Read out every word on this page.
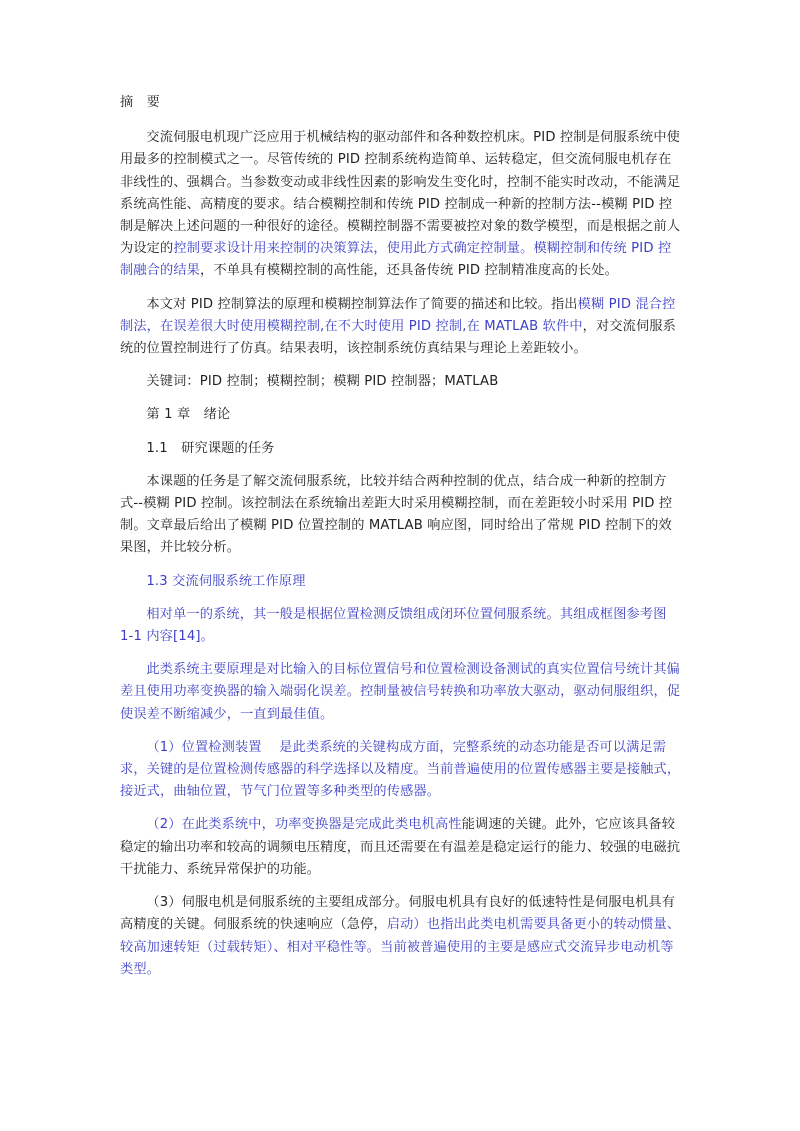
摘　要

交流伺服电机现广泛应用于机械结构的驱动部件和各种数控机床。PID 控制是伺服系统中使用最多的控制模式之一。尽管传统的 PID 控制系统构造简单、运转稳定，但交流伺服电机存在非线性的、强耦合。当参数变动或非线性因素的影响发生变化时，控制不能实时改动，不能满足系统高性能、高精度的要求。结合模糊控制和传统 PID 控制成一种新的控制方法--模糊 PID 控制是解决上述问题的一种很好的途径。模糊控制器不需要被控对象的数学模型，而是根据之前人为设定的控制要求设计用来控制的决策算法，使用此方式确定控制量。模糊控制和传统 PID 控制融合的结果，不单具有模糊控制的高性能，还具备传统 PID 控制精准度高的长处。

本文对 PID 控制算法的原理和模糊控制算法作了简要的描述和比较。指出模糊 PID 混合控制法，在误差很大时使用模糊控制,在不大时使用 PID 控制,在 MATLAB 软件中，对交流伺服系统的位置控制进行了仿真。结果表明，该控制系统仿真结果与理论上差距较小。

关键词：PID 控制；模糊控制；模糊 PID 控制器；MATLAB

第 1 章　绪论

1.1　研究课题的任务

本课题的任务是了解交流伺服系统，比较并结合两种控制的优点，结合成一种新的控制方式--模糊 PID 控制。该控制法在系统输出差距大时采用模糊控制，而在差距较小时采用 PID 控制。文章最后给出了模糊 PID 位置控制的 MATLAB 响应图，同时给出了常规 PID 控制下的效果图，并比较分析。

1.3 交流伺服系统工作原理

相对单一的系统，其一般是根据位置检测反馈组成闭环位置伺服系统。其组成框图参考图 1-1 内容[14]。

此类系统主要原理是对比输入的目标位置信号和位置检测设备测试的真实位置信号统计其偏差且使用功率变换器的输入端弱化误差。控制量被信号转换和功率放大驱动，驱动伺服组织，促使误差不断缩减少，一直到最佳值。

（1）位置检测装置　 是此类系统的关键构成方面，完整系统的动态功能是否可以满足需求，关键的是位置检测传感器的科学选择以及精度。当前普遍使用的位置传感器主要是接触式，接近式，曲轴位置，节气门位置等多种类型的传感器。

（2）在此类系统中，功率变换器是完成此类电机高性能调速的关键。此外，它应该具备较稳定的输出功率和较高的调频电压精度，而且还需要在有温差是稳定运行的能力、较强的电磁抗干扰能力、系统异常保护的功能。

（3）伺服电机是伺服系统的主要组成部分。伺服电机具有良好的低速特性是伺服电机具有高精度的关键。伺服系统的快速响应（急停，启动）也指出此类电机需要具备更小的转动惯量、较高加速转矩（过载转矩）、相对平稳性等。当前被普遍使用的主要是感应式交流异步电动机等类型。
